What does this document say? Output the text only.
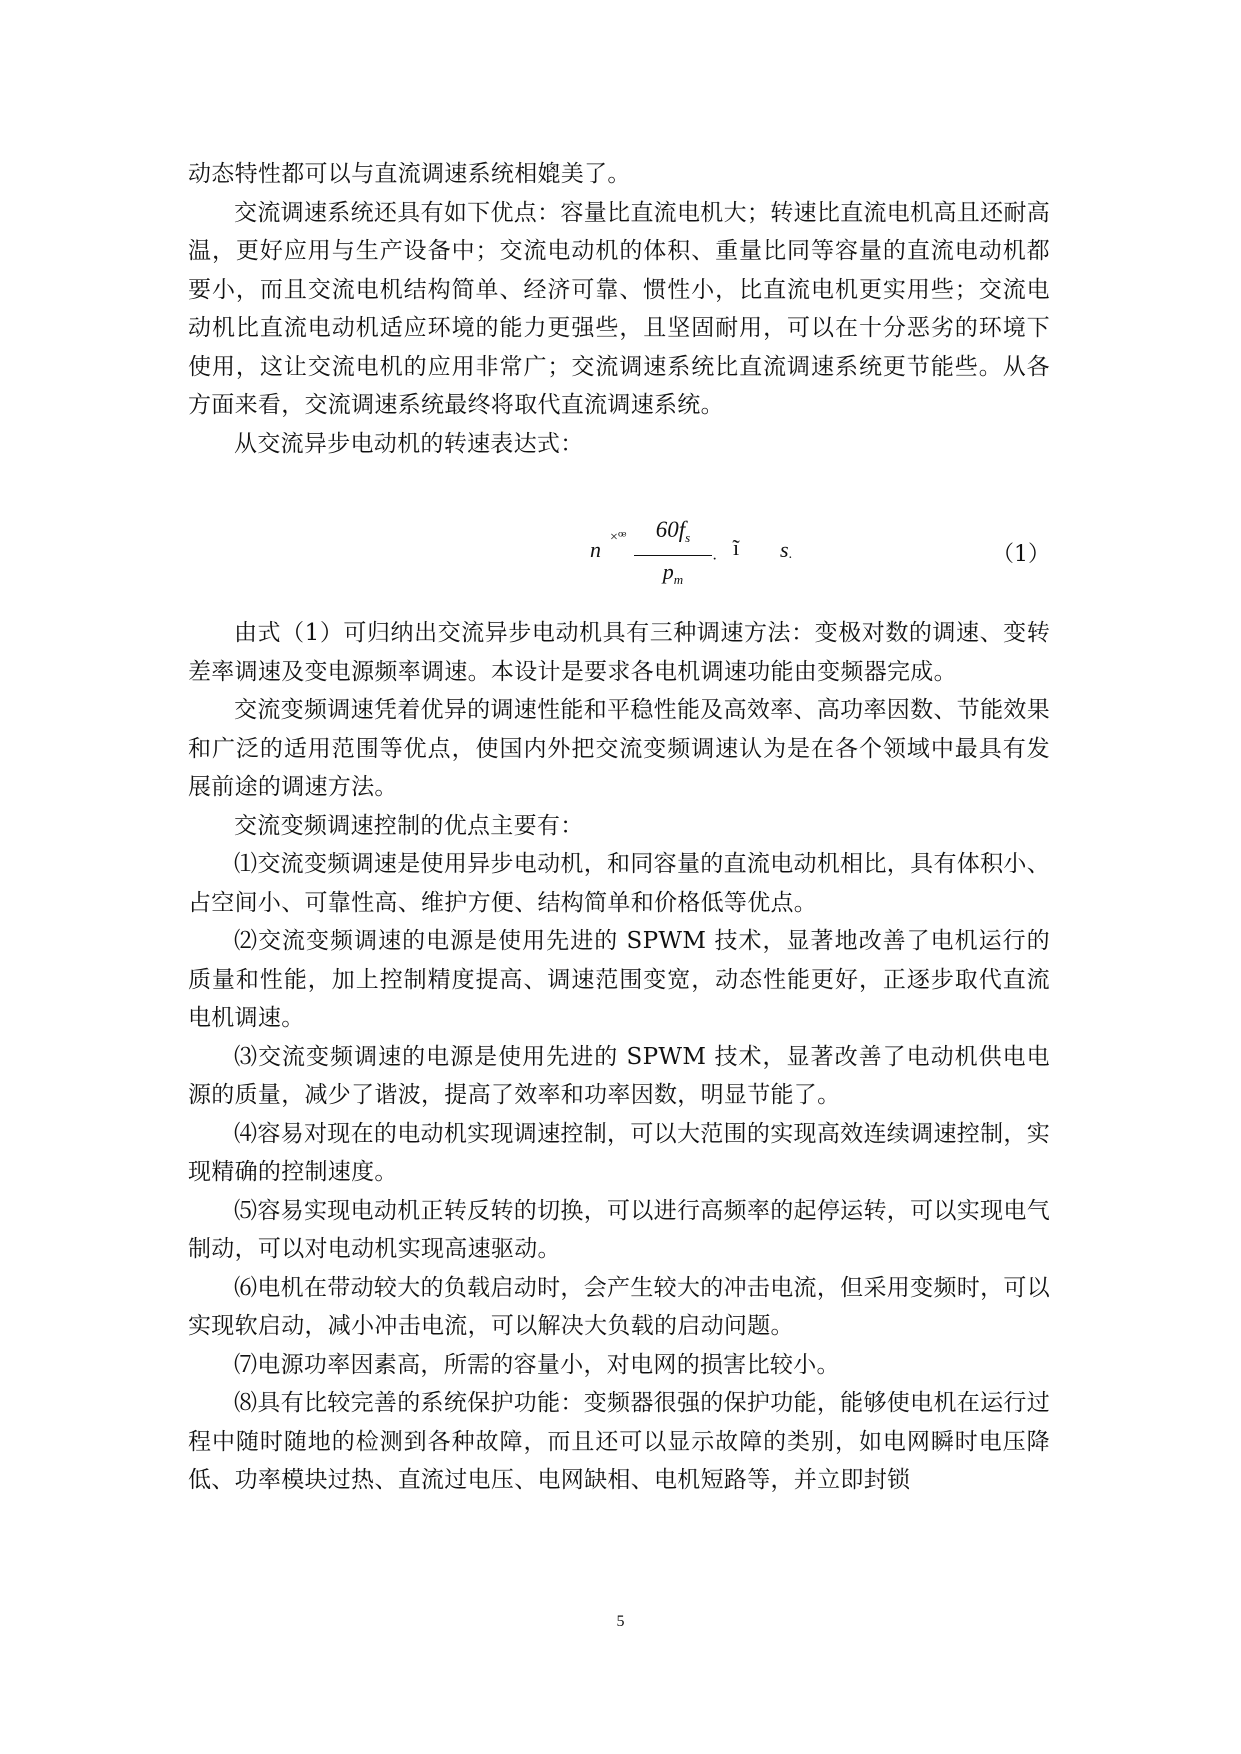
动态特性都可以与直流调速系统相媲美了。

交流调速系统还具有如下优点：容量比直流电机大；转速比直流电机高且还耐高温，更好应用与生产设备中；交流电动机的体积、重量比同等容量的直流电动机都要小，而且交流电机结构简单、经济可靠、惯性小，比直流电机更实用些；交流电动机比直流电动机适应环境的能力更强些，且坚固耐用，可以在十分恶劣的环境下使用，这让交流电机的应用非常广；交流调速系统比直流调速系统更节能些。从各方面来看，交流调速系统最终将取代直流调速系统。

从交流异步电动机的转速表达式：

n ×ꟹ	$60f_s$
$p_m$
· ĩ s ·	（1）

由式（1）可归纳出交流异步电动机具有三种调速方法：变极对数的调速、变转差率调速及变电源频率调速。本设计是要求各电机调速功能由变频器完成。

交流变频调速凭着优异的调速性能和平稳性能及高效率、高功率因数、节能效果和广泛的适用范围等优点，使国内外把交流变频调速认为是在各个领域中最具有发展前途的调速方法。

交流变频调速控制的优点主要有：

⑴交流变频调速是使用异步电动机，和同容量的直流电动机相比，具有体积小、占空间小、可靠性高、维护方便、结构简单和价格低等优点。

⑵交流变频调速的电源是使用先进的 SPWM 技术，显著地改善了电机运行的质量和性能，加上控制精度提高、调速范围变宽，动态性能更好，正逐步取代直流电机调速。

⑶交流变频调速的电源是使用先进的 SPWM 技术，显著改善了电动机供电电源的质量，减少了谐波，提高了效率和功率因数，明显节能了。

⑷容易对现在的电动机实现调速控制，可以大范围的实现高效连续调速控制，实现精确的控制速度。

⑸容易实现电动机正转反转的切换，可以进行高频率的起停运转，可以实现电气制动，可以对电动机实现高速驱动。

⑹电机在带动较大的负载启动时，会产生较大的冲击电流，但采用变频时，可以实现软启动，减小冲击电流，可以解决大负载的启动问题。

⑺电源功率因素高，所需的容量小，对电网的损害比较小。

⑻具有比较完善的系统保护功能：变频器很强的保护功能，能够使电机在运行过程中随时随地的检测到各种故障，而且还可以显示故障的类别，如电网瞬时电压降低、功率模块过热、直流过电压、电网缺相、电机短路等，并立即封锁

5
